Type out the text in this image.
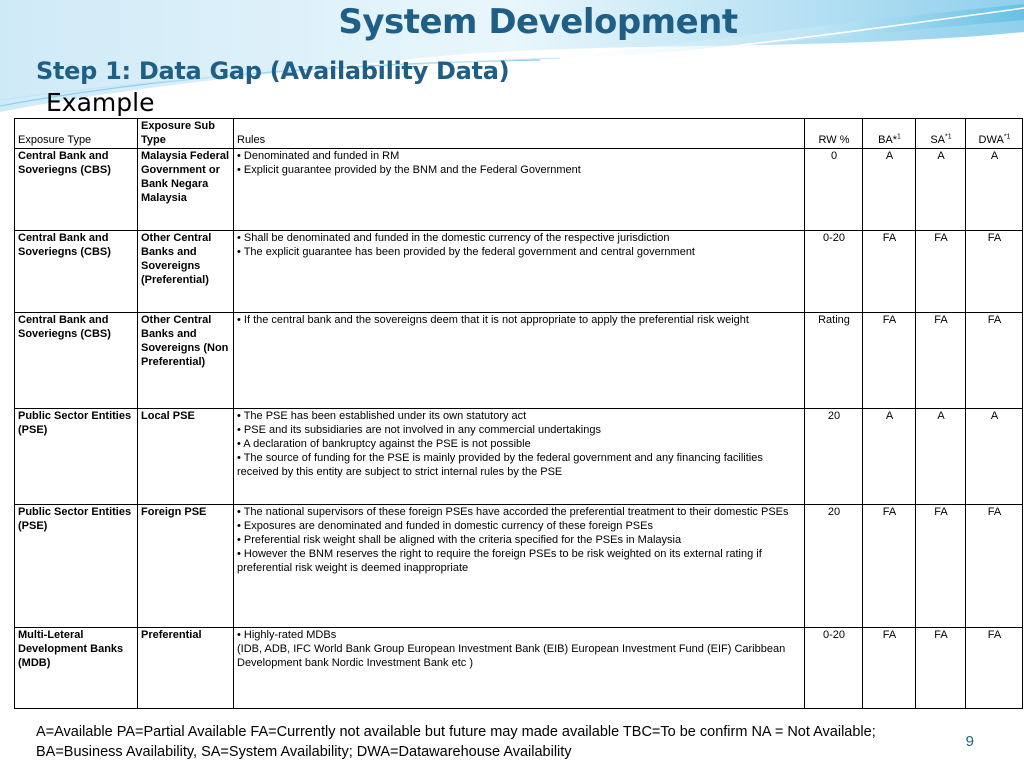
System Development
Step 1: Data Gap (Availability Data)
Example
Exposure Type	Exposure Sub Type	Rules	RW %	BA*$^1$	SA$^{*1}$	DWA$^{*1}$
Central Bank and Soveriegns (CBS)	Malaysia Federal Government or Bank Negara Malaysia	• Denominated and funded in RM
• Explicit guarantee provided by the BNM and the Federal Government	0	A	A	A
Central Bank and Soveriegns (CBS)	Other Central Banks and Sovereigns (Preferential)	• Shall be denominated and funded in the domestic currency of the respective jurisdiction
• The explicit guarantee has been provided by the federal government and central government	0-20	FA	FA	FA
Central Bank and Soveriegns (CBS)	Other Central Banks and Sovereigns (Non Preferential)	• If the central bank and the sovereigns deem that it is not appropriate to apply the preferential risk weight	Rating	FA	FA	FA
Public Sector Entities (PSE)	Local PSE	• The PSE has been established under its own statutory act
• PSE and its subsidiaries are not involved in any commercial undertakings
• A declaration of bankruptcy against the PSE is not possible
• The source of funding for the PSE is mainly provided by the federal government and any financing facilities received by this entity are subject to strict internal rules by the PSE	20	A	A	A
Public Sector Entities (PSE)	Foreign PSE	• The national supervisors of these foreign PSEs have accorded the preferential treatment to their domestic PSEs
• Exposures are denominated and funded in domestic currency of these foreign PSEs
• Preferential risk weight shall be aligned with the criteria specified for the PSEs in Malaysia
• However the BNM reserves the right to require the foreign PSEs to be risk weighted on its external rating if preferential risk weight is deemed inappropriate	20	FA	FA	FA
Multi-Leteral Development Banks (MDB)	Preferential	• Highly-rated MDBs
(IDB, ADB, IFC World Bank Group European Investment Bank (EIB) European Investment Fund (EIF) Caribbean Development bank Nordic Investment Bank etc )	0-20	FA	FA	FA
A=Available PA=Partial Available FA=Currently not available but future may made available TBC=To be confirm NA = Not Available; BA=Business Availability, SA=System Availability; DWA=Datawarehouse Availability
9
